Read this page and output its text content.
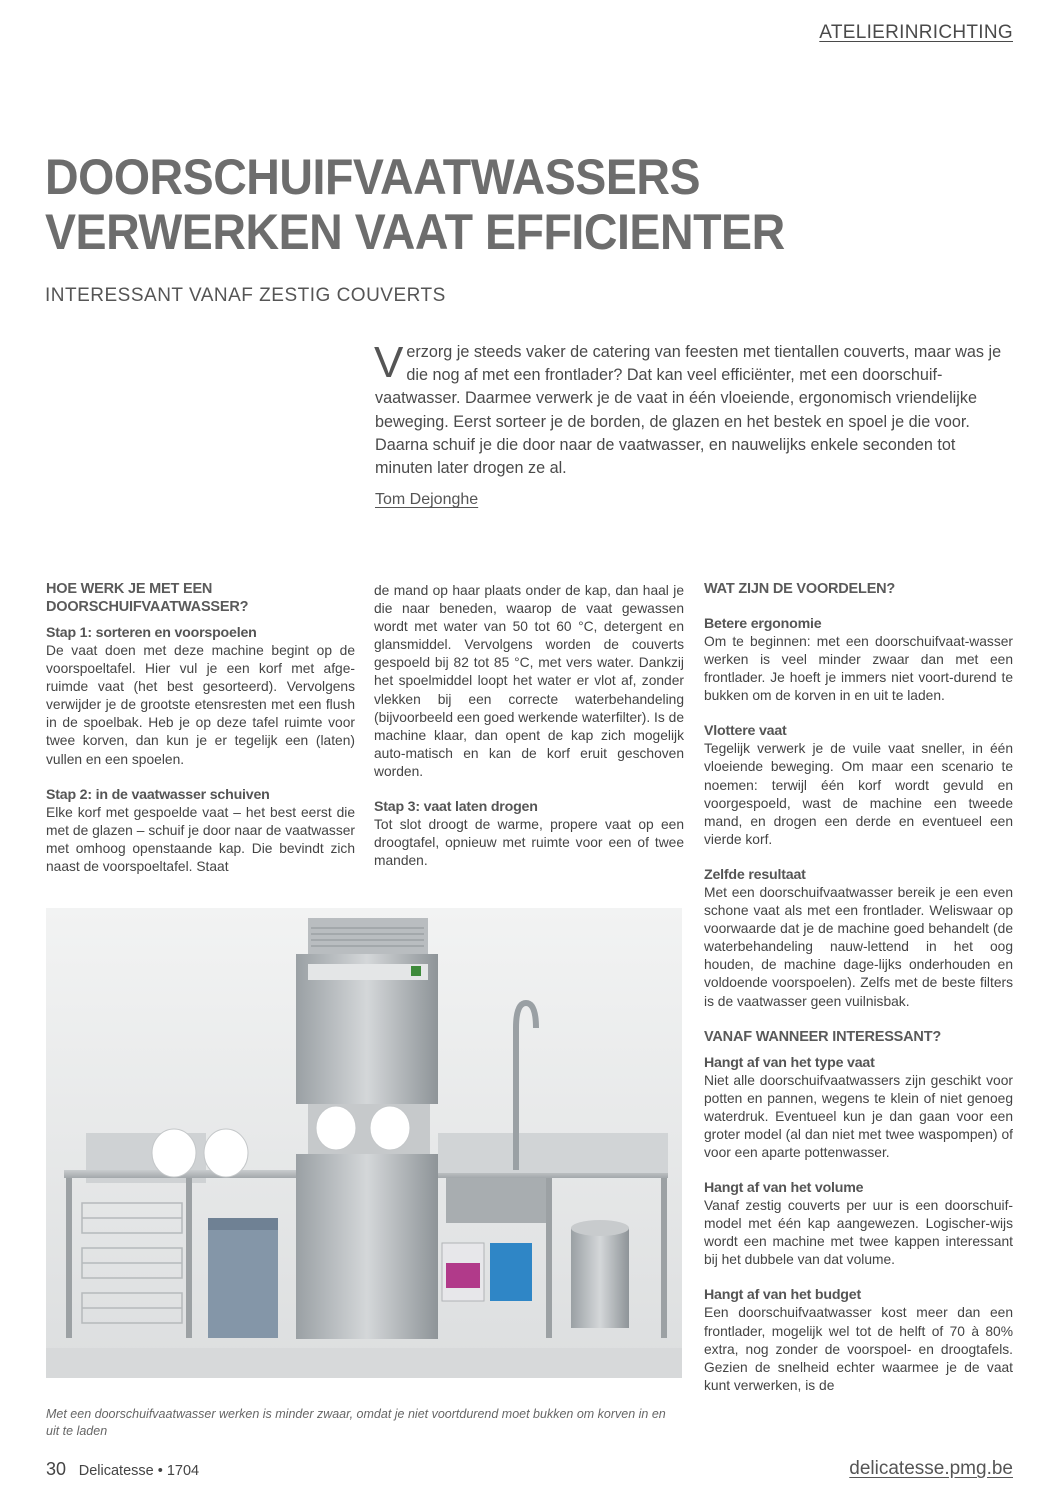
ATELIERINRICHTING
DOORSCHUIFVAATWASSERS
VERWERKEN VAAT EFFICIENTER
INTERESSANT VANAF ZESTIG COUVERTS
V erzorg je steeds vaker de catering van feesten met tientallen couverts, maar was je die nog af met een frontlader? Dat kan veel efficiënter, met een doorschuif-vaatwasser. Daarmee verwerk je de vaat in één vloeiende, ergonomisch vriendelijke beweging. Eerst sorteer je de borden, de glazen en het bestek en spoel je die voor. Daarna schuif je die door naar de vaatwasser, en nauwelijks enkele seconden tot minuten later drogen ze al.

Tom Dejonghe
HOE WERK JE MET EEN DOORSCHUIFVAATWASSER?
Stap 1: sorteren en voorspoelen

De vaat doen met deze machine begint op de voorspoeltafel. Hier vul je een korf met afge-ruimde vaat (het best gesorteerd). Vervolgens verwijder je de grootste etensresten met een flush in de spoelbak. Heb je op deze tafel ruimte voor twee korven, dan kun je er tegelijk een (laten) vullen en een spoelen.

Stap 2: in de vaatwasser schuiven

Elke korf met gespoelde vaat – het best eerst die met de glazen – schuif je door naar de vaatwasser met omhoog openstaande kap. Die bevindt zich naast de voorspoeltafel. Staat

de mand op haar plaats onder de kap, dan haal je die naar beneden, waarop de vaat gewassen wordt met water van 50 tot 60 °C, detergent en glansmiddel. Vervolgens worden de couverts gespoeld bij 82 tot 85 °C, met vers water. Dankzij het spoelmiddel loopt het water er vlot af, zonder vlekken bij een correcte waterbehandeling (bijvoorbeeld een goed werkende waterfilter). Is de machine klaar, dan opent de kap zich mogelijk auto-matisch en kan de korf eruit geschoven worden.

Stap 3: vaat laten drogen

Tot slot droogt de warme, propere vaat op een droogtafel, opnieuw met ruimte voor een of twee manden.

WAT ZIJN DE VOORDELEN?
Betere ergonomie

Om te beginnen: met een doorschuifvaat-wasser werken is veel minder zwaar dan met een frontlader. Je hoeft je immers niet voort-durend te bukken om de korven in en uit te laden.

Vlottere vaat

Tegelijk verwerk je de vuile vaat sneller, in één vloeiende beweging. Om maar een scenario te noemen: terwijl één korf wordt gevuld en voorgespoeld, wast de machine een tweede mand, en drogen een derde en eventueel een vierde korf.

Zelfde resultaat

Met een doorschuifvaatwasser bereik je een even schone vaat als met een frontlader. Weliswaar op voorwaarde dat je de machine goed behandelt (de waterbehandeling nauw-lettend in het oog houden, de machine dage-lijks onderhouden en voldoende voorspoelen). Zelfs met de beste filters is de vaatwasser geen vuilnisbak.

VANAF WANNEER INTERESSANT?
Hangt af van het type vaat

Niet alle doorschuifvaatwassers zijn geschikt voor potten en pannen, wegens te klein of niet genoeg waterdruk. Eventueel kun je dan gaan voor een groter model (al dan niet met twee waspompen) of voor een aparte pottenwasser.

Hangt af van het volume

Vanaf zestig couverts per uur is een doorschuif-model met één kap aangewezen. Logischer-wijs wordt een machine met twee kappen interessant bij het dubbele van dat volume.

Hangt af van het budget

Een doorschuifvaatwasser kost meer dan een frontlader, mogelijk wel tot de helft of 70 à 80% extra, nog zonder de voorspoel- en droogtafels. Gezien de snelheid echter waarmee je de vaat kunt verwerken, is de

Met een doorschuifvaatwasser werken is minder zwaar, omdat je niet voortdurend moet bukken om korven in en uit te laden
30 Delicatesse • 1704	delicatesse.pmg.be
